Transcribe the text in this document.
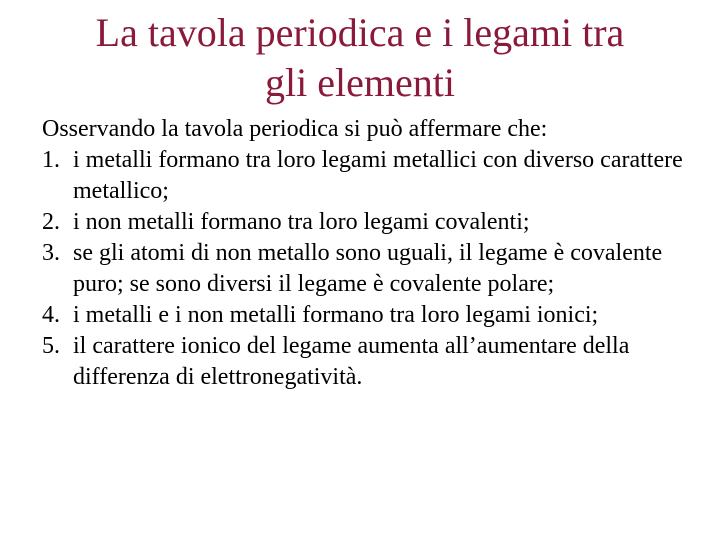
La tavola periodica e i legami tra
gli elementi

Osservando la tavola periodica si può affermare che:

1. i metalli formano tra loro legami metallici con diverso carattere metallico;
2. i non metalli formano tra loro legami covalenti;
3. se gli atomi di non metallo sono uguali, il legame è covalente puro; se sono diversi il legame è covalente polare;
4. i metalli e i non metalli formano tra loro legami ionici;
5. il carattere ionico del legame aumenta all’aumentare della differenza di elettronegatività.
